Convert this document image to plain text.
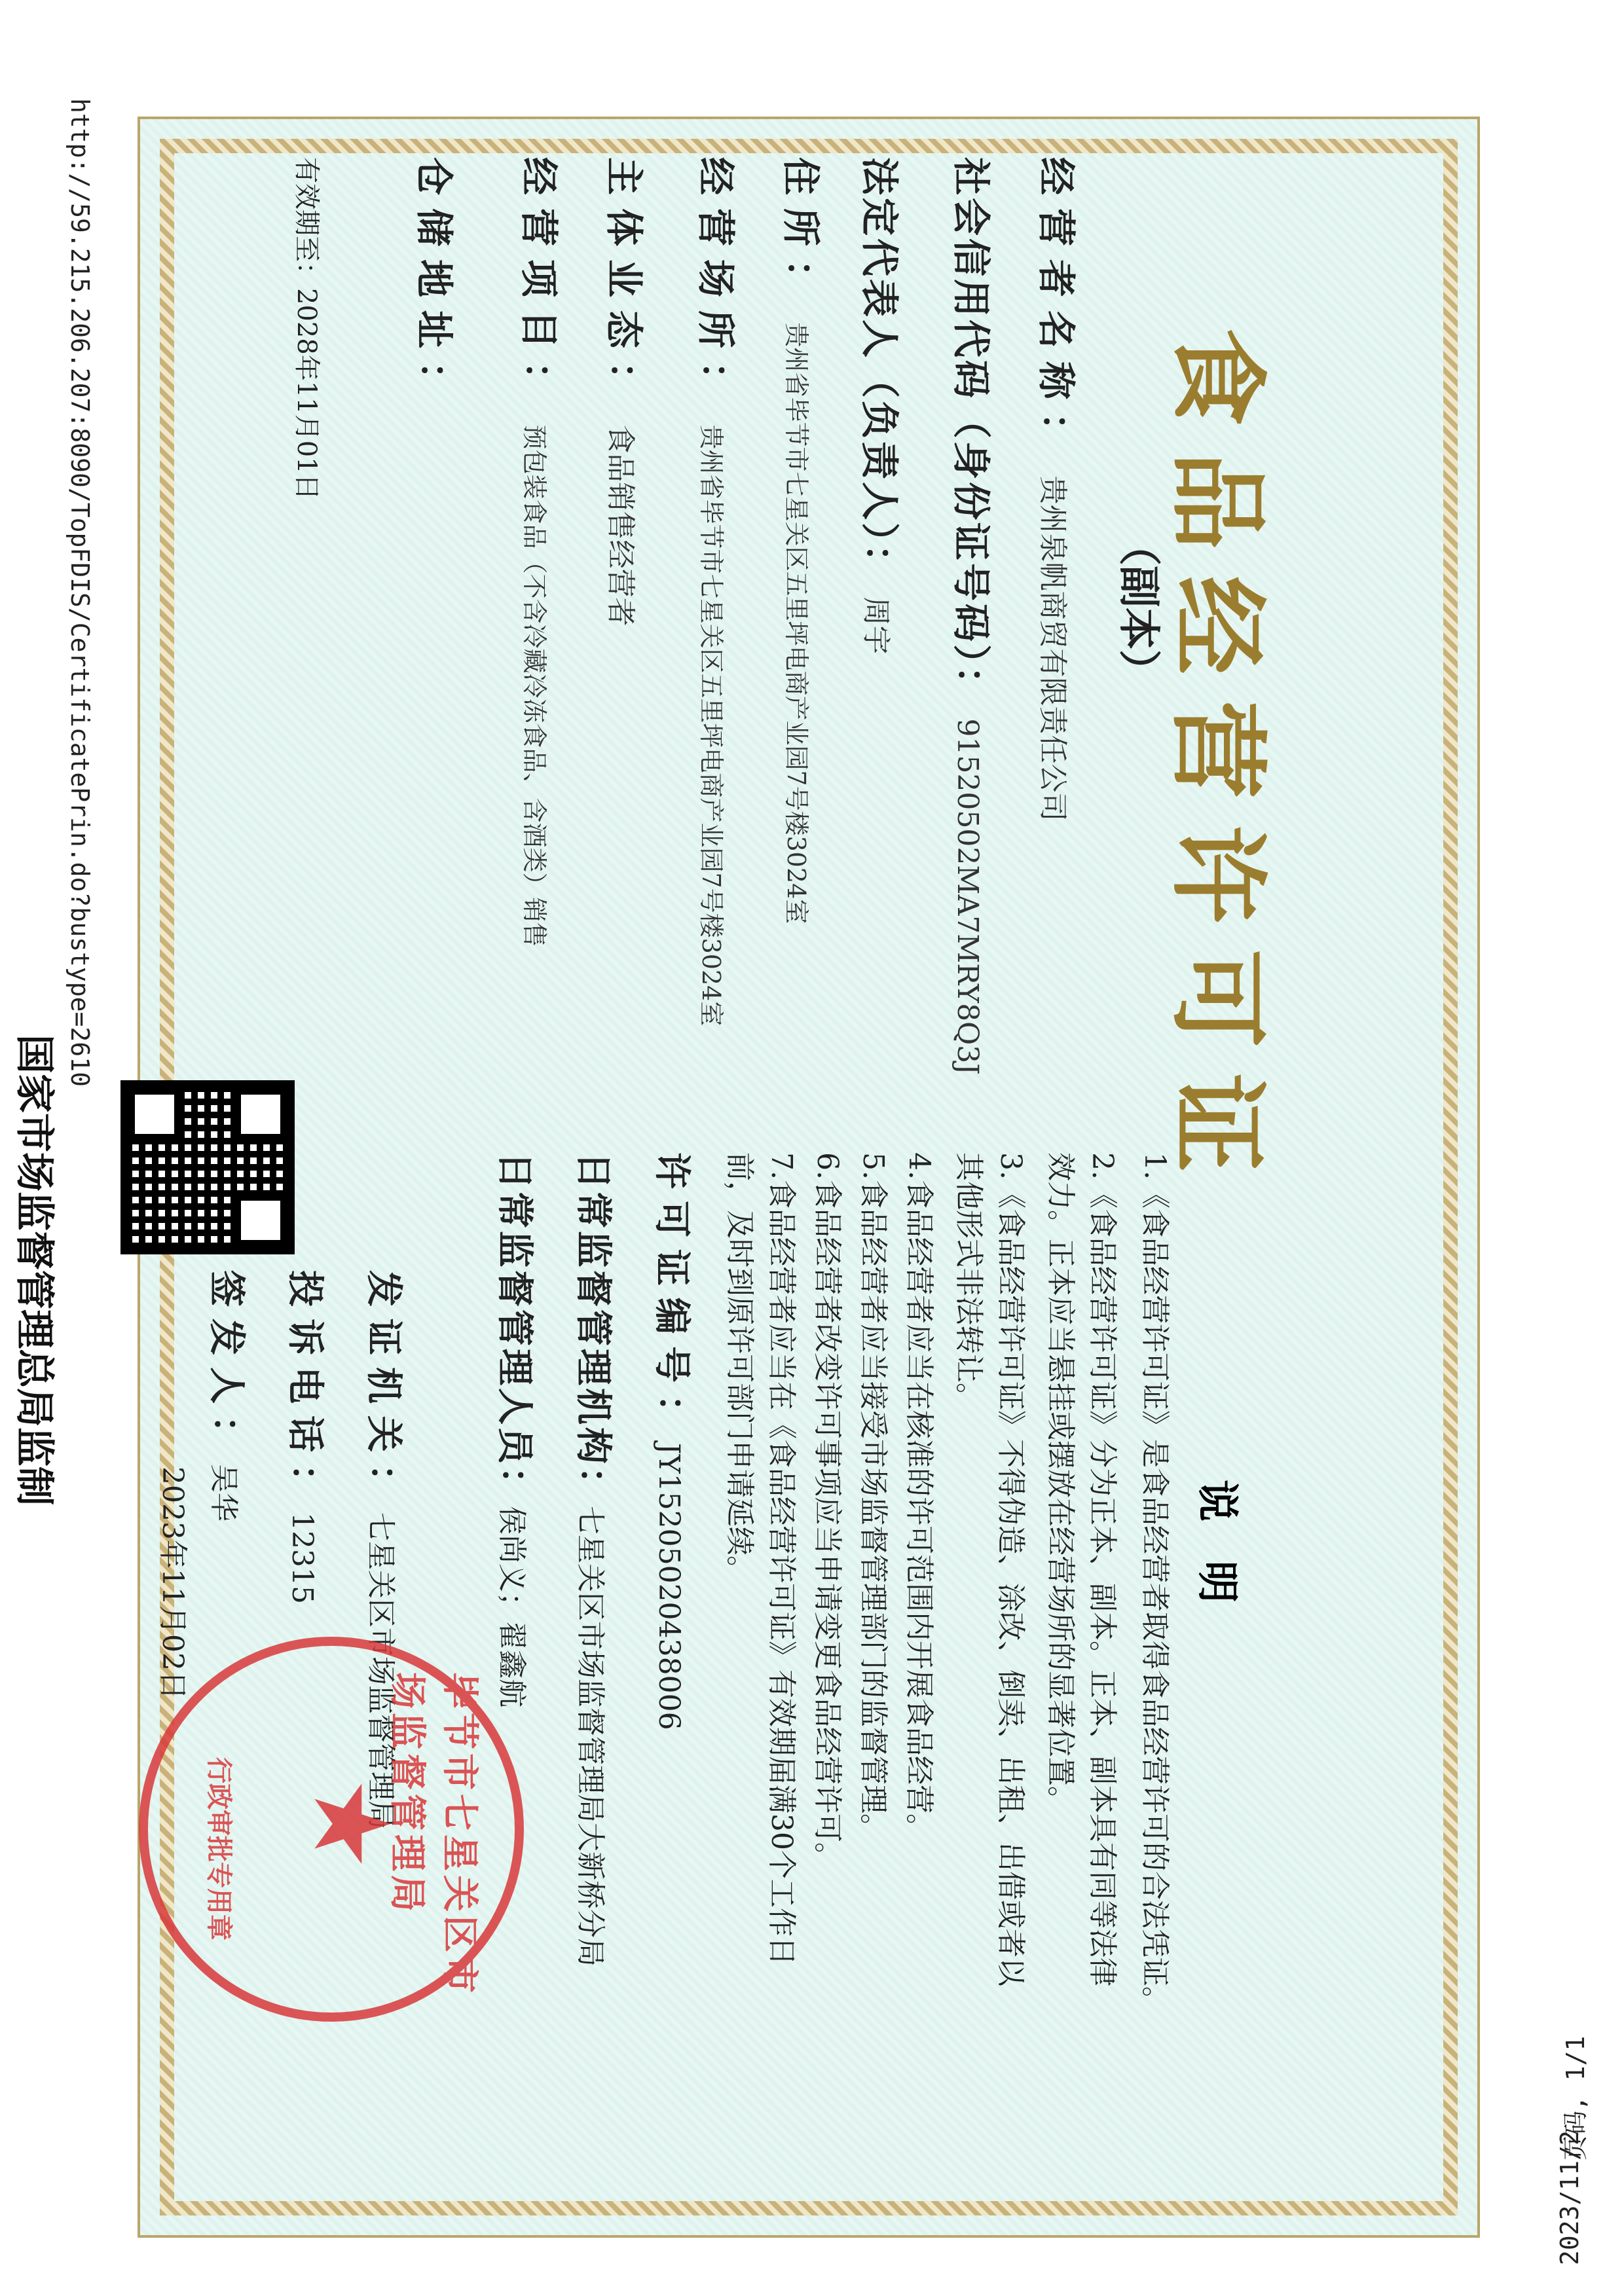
http://59.215.206.207:8090/TopFDIS/CertificatePrin.do?bustype=2610
页码, 1/1
2023/11/2
食品经营许可证
（副本）
经营者名称： 贵州泉帆商贸有限责任公司
社会信用代码（身份证号码）： 91520502MA7MRY8Q3J
法定代表人（负责人）： 周宇
住所： 贵州省毕节市七星关区五里坪电商产业园7号楼3024室
经营场所： 贵州省毕节市七星关区五里坪电商产业园7号楼3024室
主体业态： 食品销售经营者
经营项目： 预包装食品（不含冷藏冷冻食品、含酒类）销售
仓储地址：
有效期至：2028年11月01日
说明
1.《食品经营许可证》是食品经营者取得食品经营许可的合法凭证。
2.《食品经营许可证》分为正本、副本。正本、副本具有同等法律效力。正本应当悬挂或摆放在经营场所的显著位置。
3.《食品经营许可证》不得伪造、涂改、倒卖、出租、出借或者以其他形式非法转让。
4.食品经营者应当在核准的许可范围内开展食品经营。
5.食品经营者应当接受市场监督管理部门的监督管理。
6.食品经营者改变许可事项应当申请变更食品经营许可。
7.食品经营者应当在《食品经营许可证》有效期届满30个工作日前，及时到原许可部门申请延续。
许可证编号：JY15205020438006
日常监督管理机构：七星关区市场监督管理局大新桥分局
日常监督管理人员：侯尚义；翟鑫航
发证机关：七星关区市场监督管理局
投诉电话：12315
签发人：吴华
2023年11月02日
毕节市七星关区市场监督管理局
★
行政审批专用章
国家市场监督管理总局监制
